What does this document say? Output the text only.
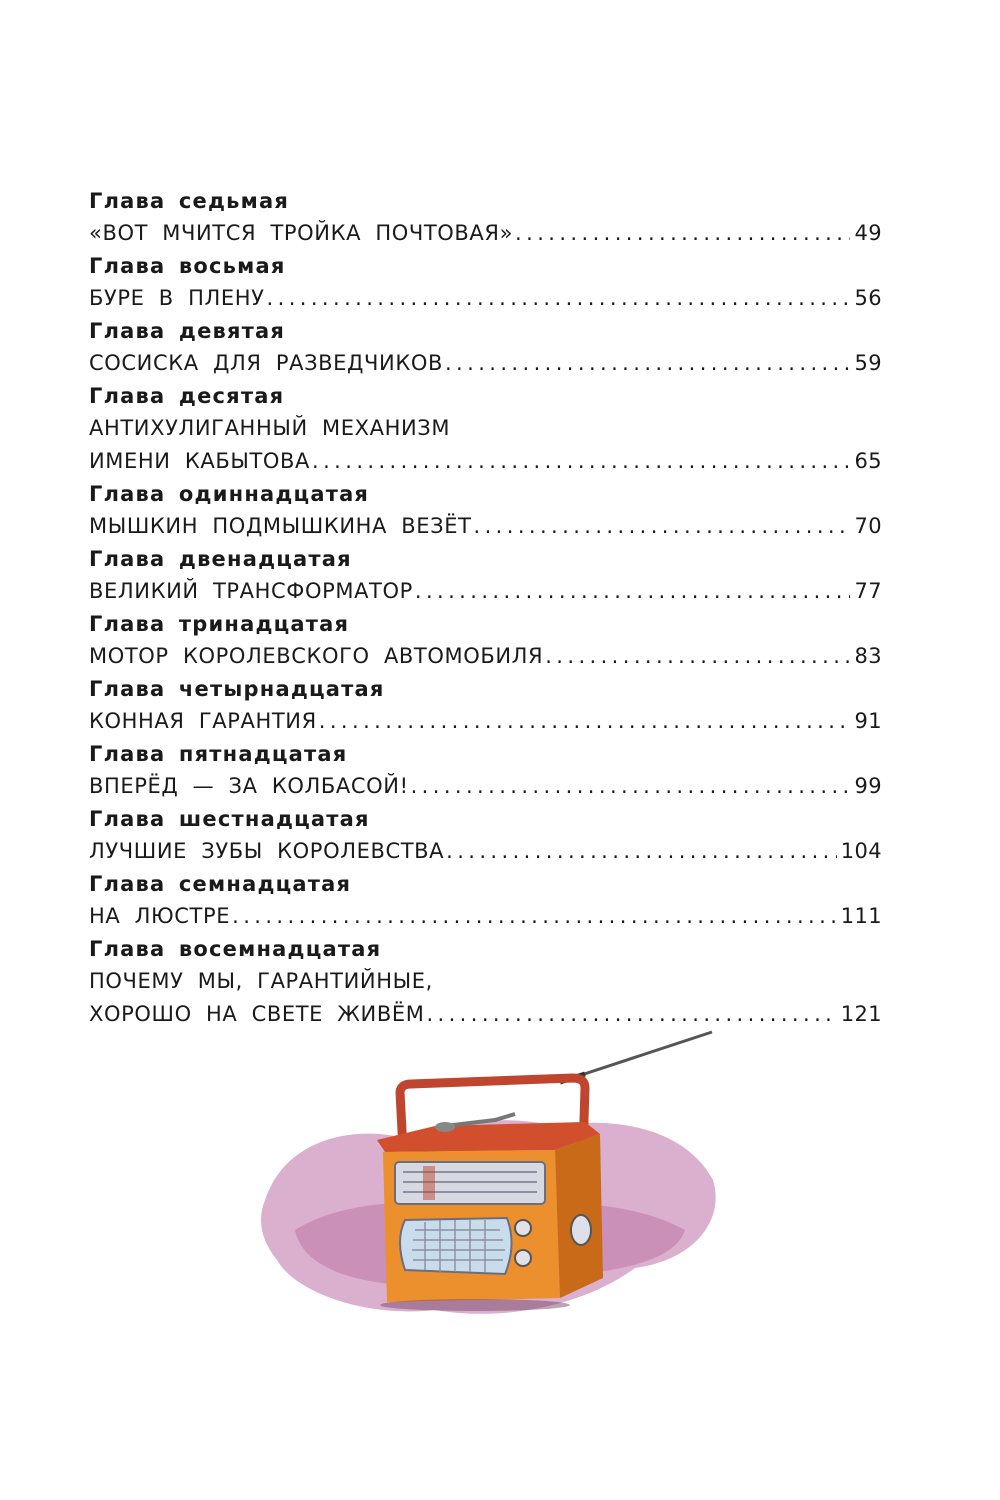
Глава седьмая
«ВОТ МЧИТСЯ ТРОЙКА ПОЧТОВАЯ» .....	49
Глава восьмая
БУРЕ В ПЛЕНУ .....	56
Глава девятая
СОСИСКА ДЛЯ РАЗВЕДЧИКОВ .....	59
Глава десятая
АНТИХУЛИГАННЫЙ МЕХАНИЗМ
ИМЕНИ КАБЫТОВА .....	65
Глава одиннадцатая
МЫШКИН ПОДМЫШКИНА ВЕЗЁТ .....	70
Глава двенадцатая
ВЕЛИКИЙ ТРАНСФОРМАТОР .....	77
Глава тринадцатая
МОТОР КОРОЛЕВСКОГО АВТОМОБИЛЯ .....	83
Глава четырнадцатая
КОННАЯ ГАРАНТИЯ .....	91
Глава пятнадцатая
ВПЕРЁД — ЗА КОЛБАСОЙ! .....	99
Глава шестнадцатая
ЛУЧШИЕ ЗУБЫ КОРОЛЕВСТВА .....	104
Глава семнадцатая
НА ЛЮСТРЕ .....	111
Глава восемнадцатая
ПОЧЕМУ МЫ, ГАРАНТИЙНЫЕ,
ХОРОШО НА СВЕТЕ ЖИВЁМ .....	121
